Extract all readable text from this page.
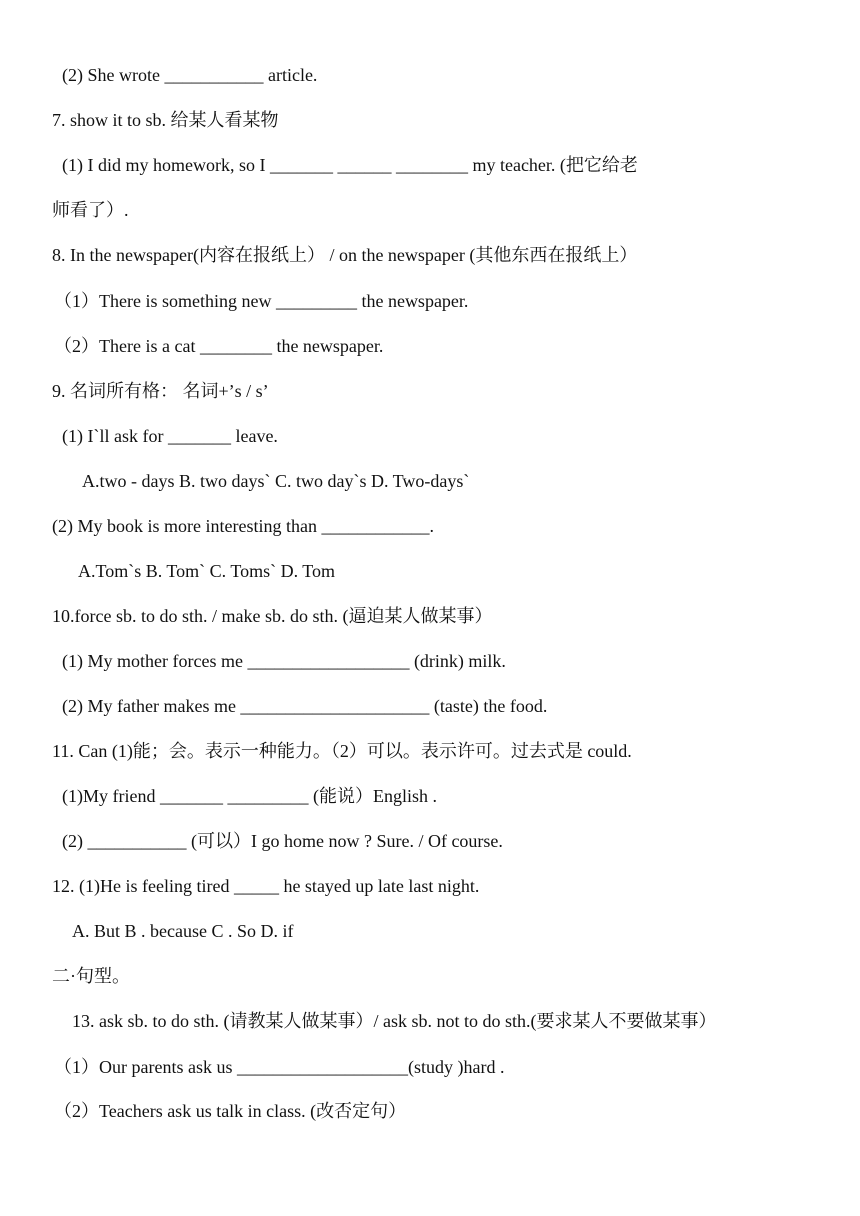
(2) She wrote ___________ article.
7. show it to sb. 给某人看某物
(1) I did my homework, so I _______ ______ ________ my teacher. (把它给老
师看了）.
8. In the newspaper(内容在报纸上） / on the newspaper (其他东西在报纸上）
（1）There is something new _________ the newspaper.
（2）There is a cat ________ the newspaper.
9. 名词所有格： 名词+’s / s’
(1) I`ll ask for _______ leave.
A.two - days B. two days` C. two day`s D. Two-days`
(2) My book is more interesting than ____________.
A.Tom`s B. Tom` C. Toms` D. Tom
10.force sb. to do sth. / make sb. do sth. (逼迫某人做某事）
(1) My mother forces me __________________ (drink) milk.
(2) My father makes me _____________________ (taste) the food.
11. Can (1)能；会。表示一种能力。（2）可以。表示许可。过去式是 could.
(1)My friend _______ _________ (能说）English .
(2) ___________ (可以）I go home now ? Sure. / Of course.
12. (1)He is feeling tired _____ he stayed up late last night.
A. But B . because C . So D. if
二·句型。
13. ask sb. to do sth. (请教某人做某事）/ ask sb. not to do sth.(要求某人不要做某事）
（1）Our parents ask us ___________________(study )hard .
（2）Teachers ask us talk in class. (改否定句）
